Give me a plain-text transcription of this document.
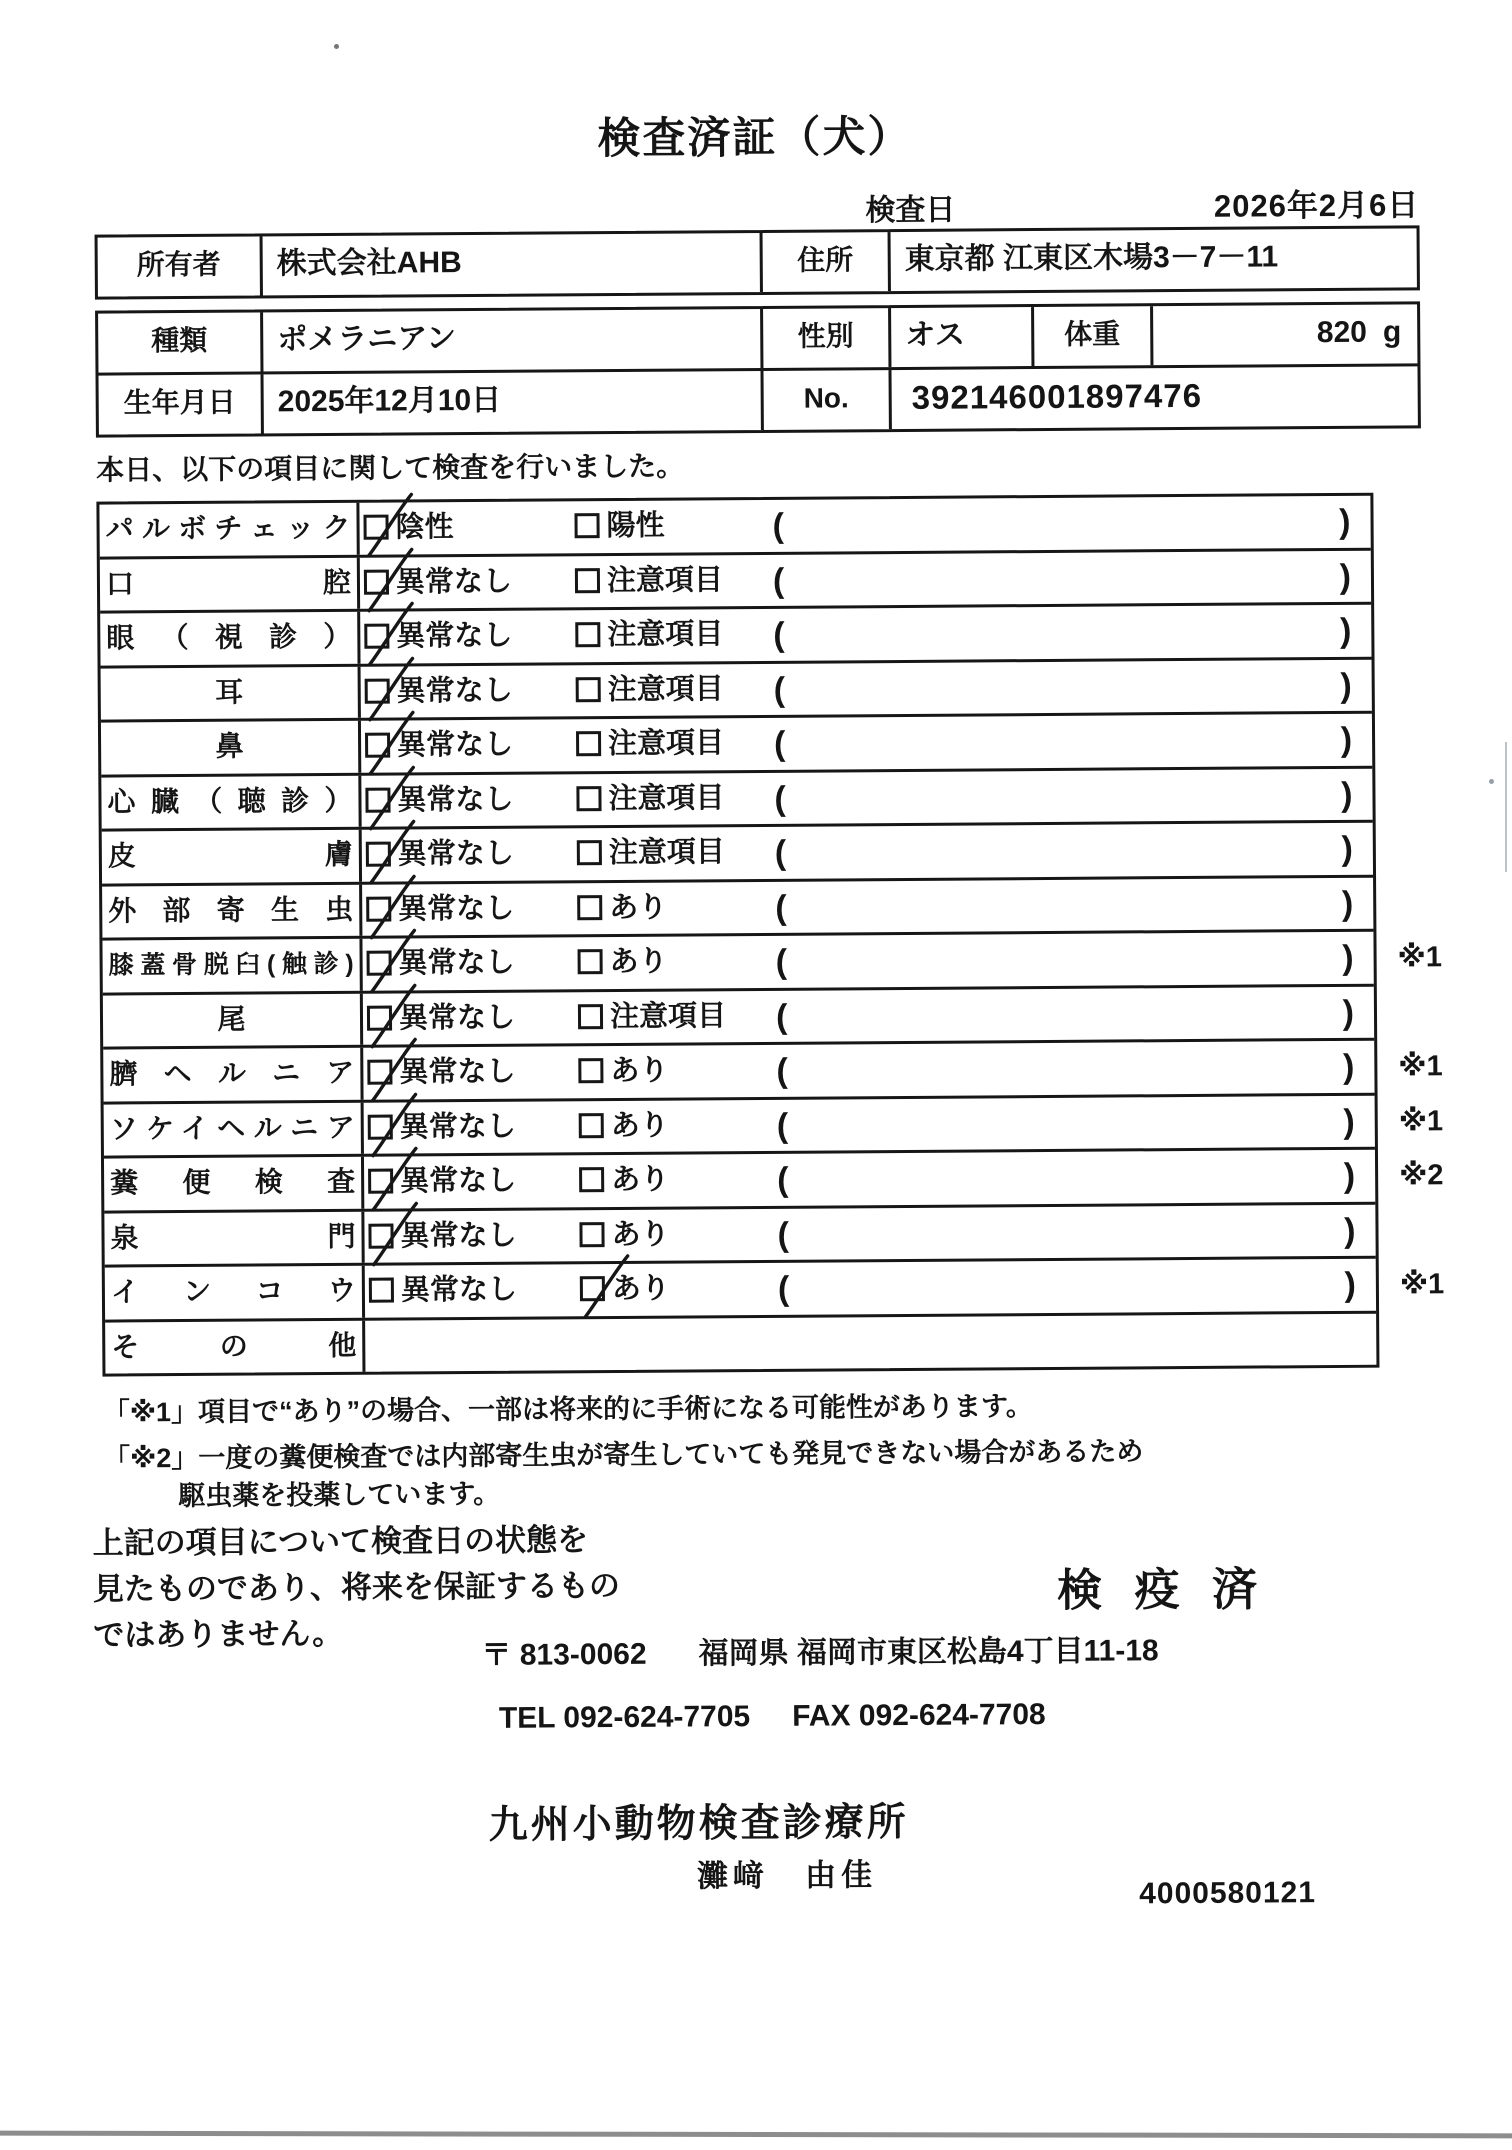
検査済証（犬）
検査日	2026年2月6日
所有者	株式会社AHB	住所	東京都 江東区木場3－7－11
種類	ポメラニアン	性別	オス	体重	820 g
生年月日	2025年12月10日	No.	392146001897476
本日、以下の項目に関して検査を行いました。
パルボチェック	陰性	陽性	(	)
口腔	異常なし	注意項目 (	)
眼（視診）	異常なし	注意項目 (	)
耳	異常なし	注意項目 (	)
鼻	異常なし	注意項目 (	)
心臓（聴診）	異常なし	注意項目 (	)
皮膚	異常なし	注意項目 (	)
外部寄生虫	異常なし	あり	(	)
膝蓋骨脱臼(触診)	異常なし	あり	(	) ※1
尾	異常なし	注意項目 (	)
臍ヘルニア	異常なし	あり	(	) ※1
ソケイヘルニア	異常なし	あり	(	) ※1
糞便検査	異常なし	あり	(	) ※2
泉門	異常なし	あり	(	)
インコウ	異常なし	あり	(	) ※1
その他
「※1」項目で“あり”の場合、一部は将来的に手術になる可能性があります。
「※2」一度の糞便検査では内部寄生虫が寄生していても発見できない場合があるため
駆虫薬を投薬しています。
上記の項目について検査日の状態を
見たものであり、将来を保証するもの
ではありません。
検 疫 済
〒 813-0062 福岡県 福岡市東区松島4丁目11-18
TEL 092-624-7705 FAX 092-624-7708
九州小動物検査診療所
灘﨑　由佳	4000580121
